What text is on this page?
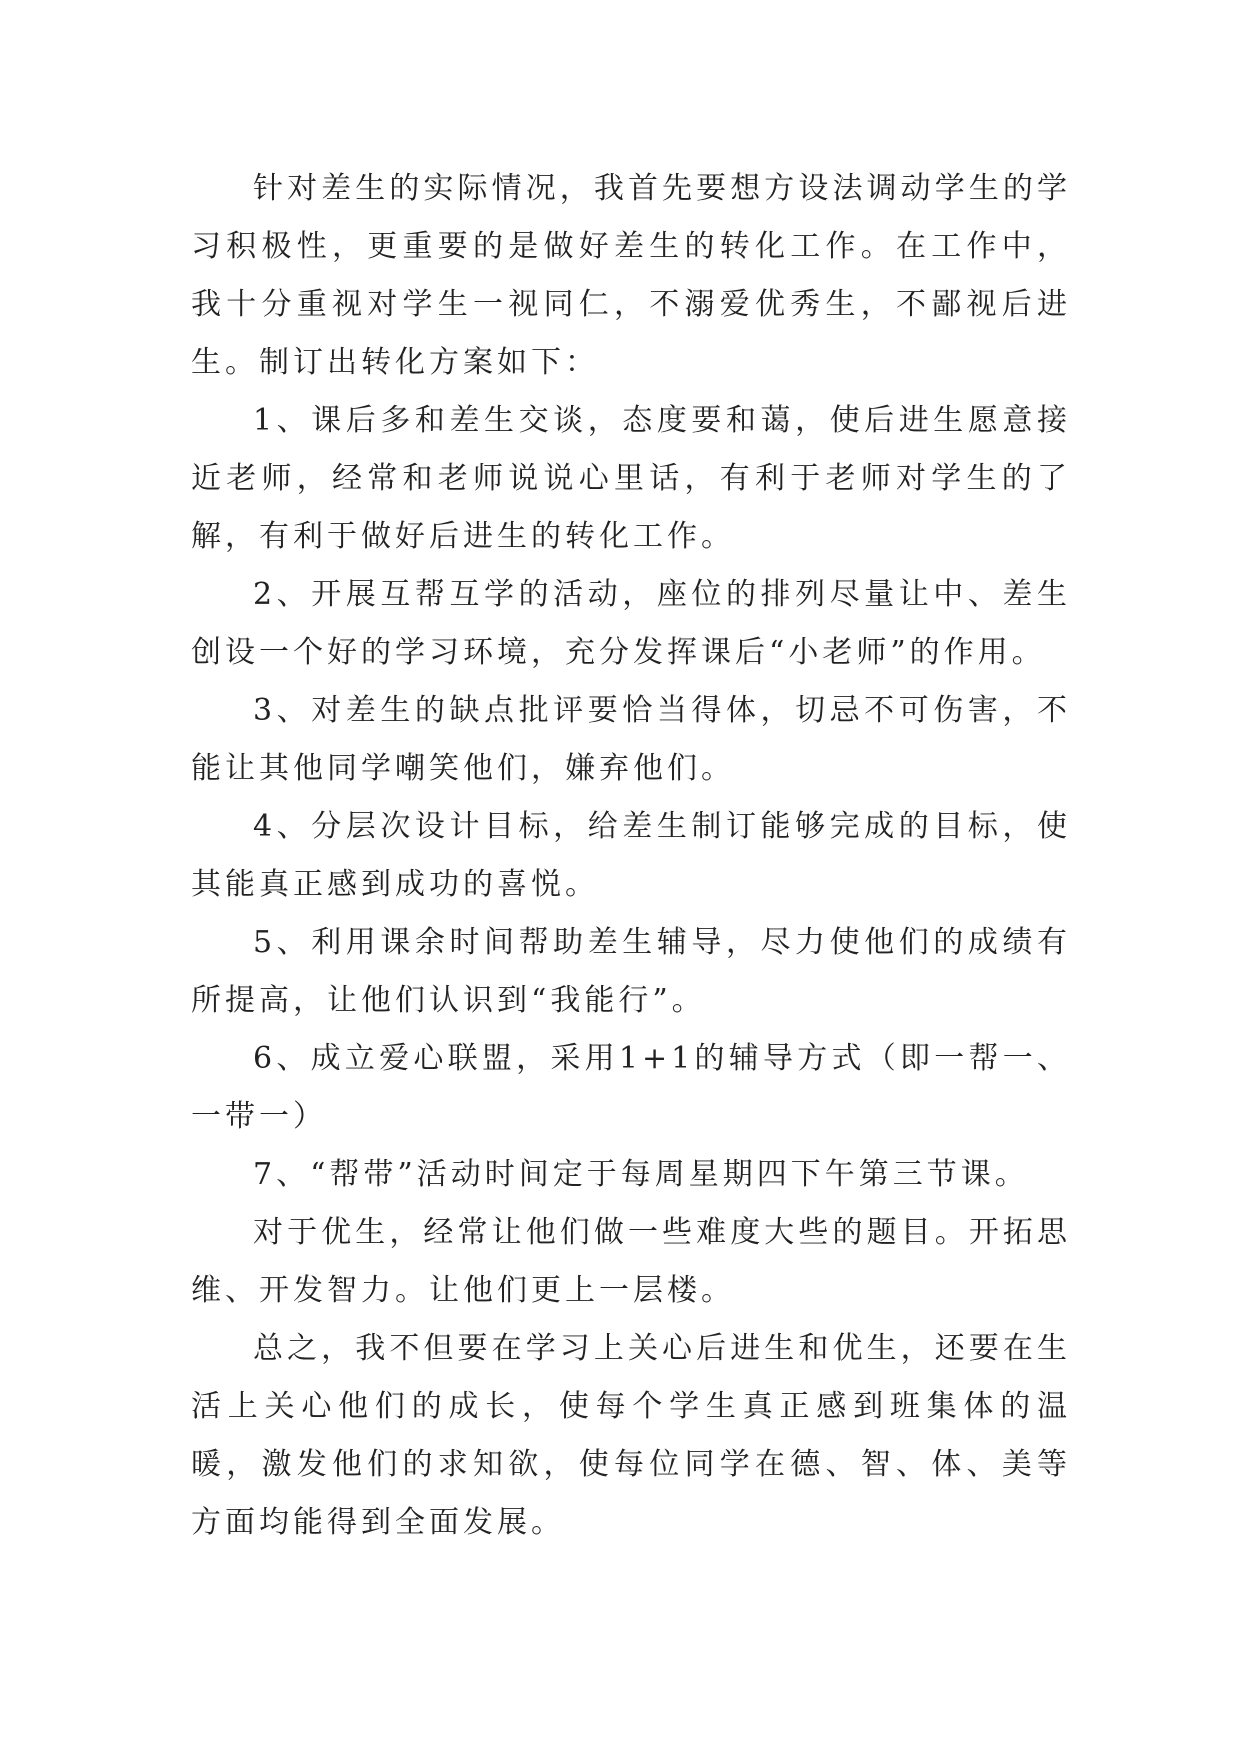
针对差生的实际情况，我首先要想方设法调动学生的学习积极性，更重要的是做好差生的转化工作。在工作中，我十分重视对学生一视同仁，不溺爱优秀生，不鄙视后进生。制订出转化方案如下：

1、课后多和差生交谈，态度要和蔼，使后进生愿意接近老师，经常和老师说说心里话，有利于老师对学生的了解，有利于做好后进生的转化工作。

2、开展互帮互学的活动，座位的排列尽量让中、差生创设一个好的学习环境，充分发挥课后“小老师”的作用。

3、对差生的缺点批评要恰当得体，切忌不可伤害，不能让其他同学嘲笑他们，嫌弃他们。

4、分层次设计目标，给差生制订能够完成的目标，使其能真正感到成功的喜悦。

5、利用课余时间帮助差生辅导，尽力使他们的成绩有所提高，让他们认识到“我能行”。

6、成立爱心联盟，采用1+1的辅导方式（即一帮一、一带一）

7、“帮带”活动时间定于每周星期四下午第三节课。

对于优生，经常让他们做一些难度大些的题目。开拓思维、开发智力。让他们更上一层楼。

总之，我不但要在学习上关心后进生和优生，还要在生活上关心他们的成长，使每个学生真正感到班集体的温暖，激发他们的求知欲，使每位同学在德、智、体、美等方面均能得到全面发展。
